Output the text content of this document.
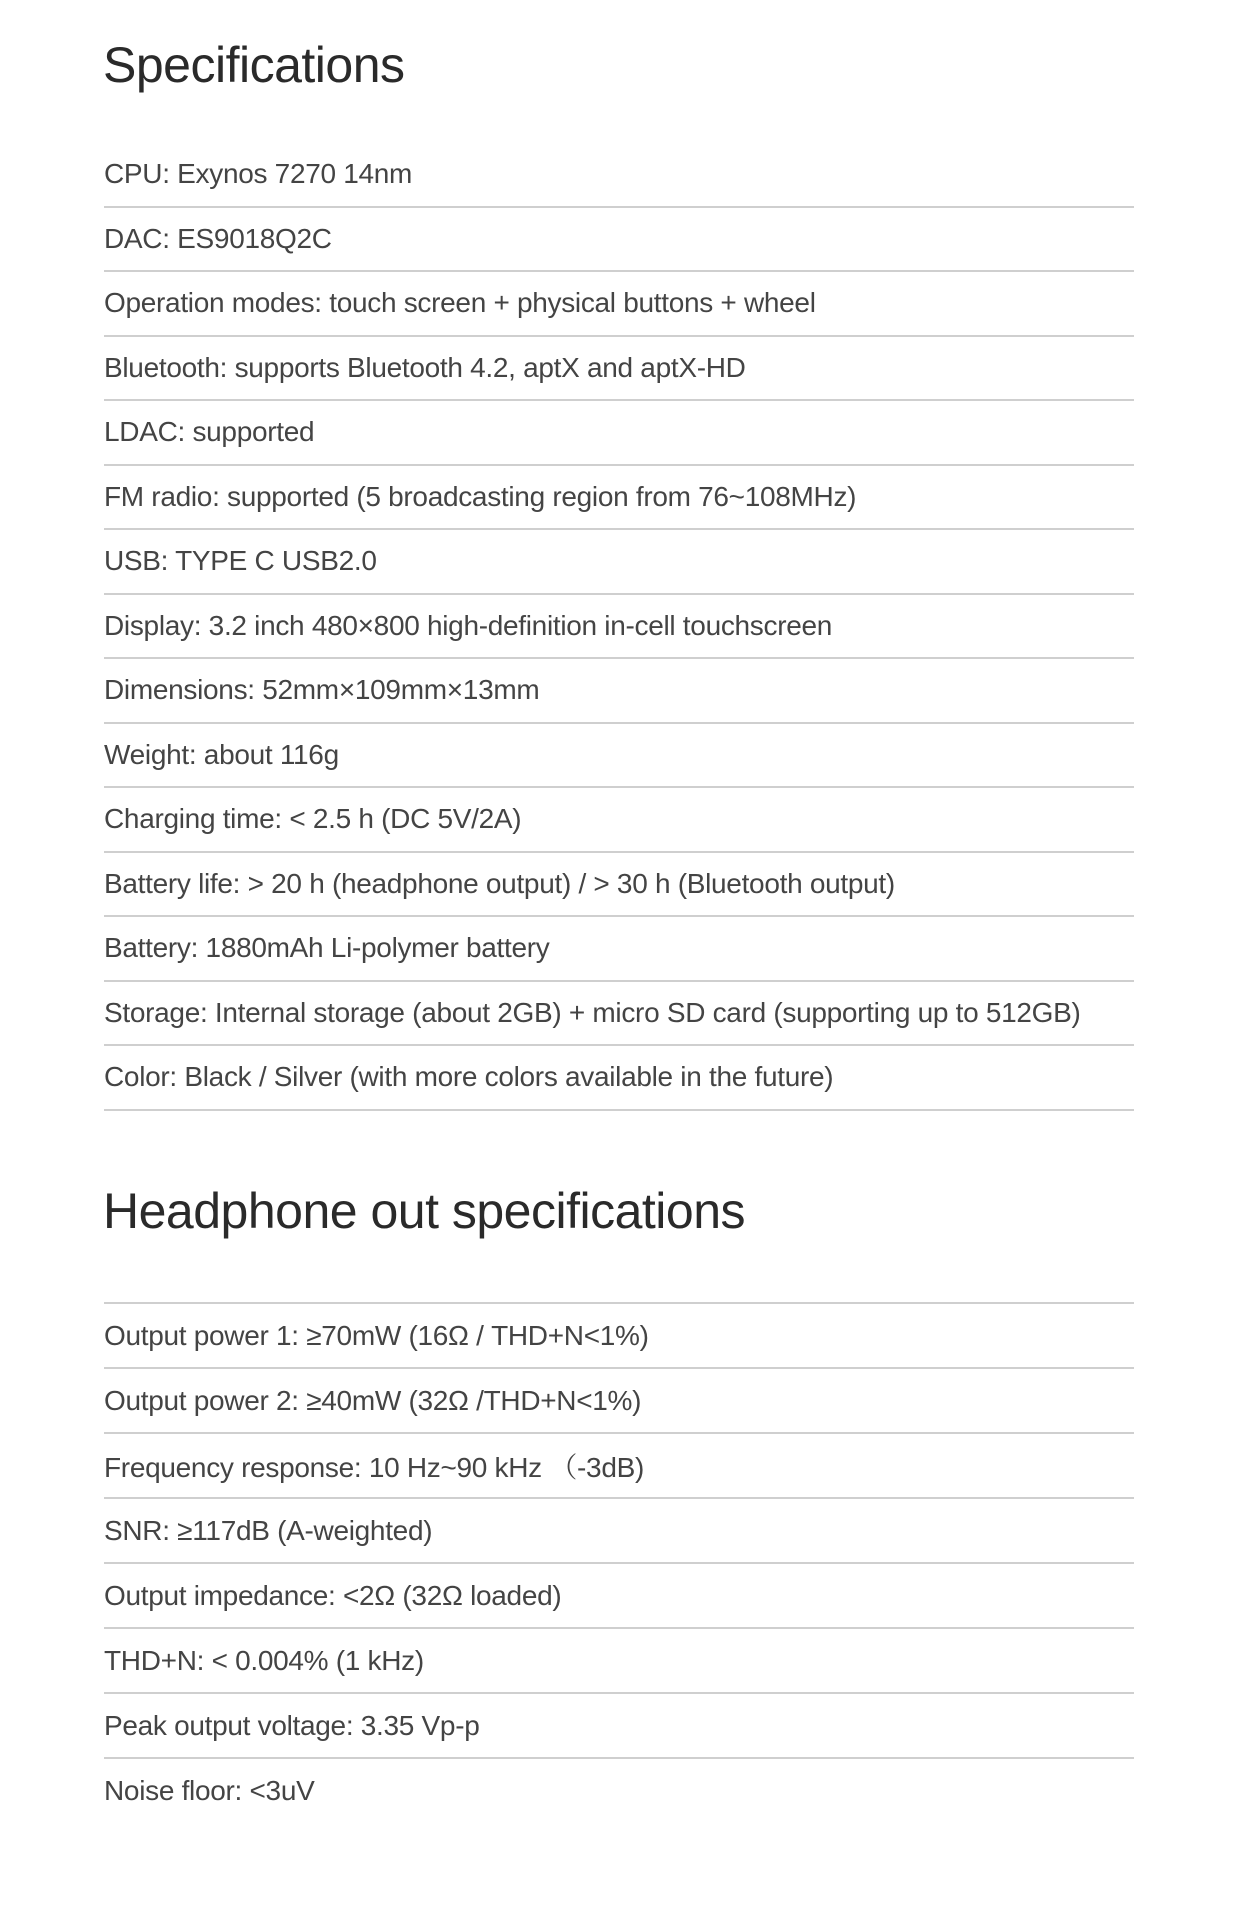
Specifications
CPU: Exynos 7270 14nm
DAC: ES9018Q2C
Operation modes: touch screen + physical buttons + wheel
Bluetooth: supports Bluetooth 4.2, aptX and aptX-HD
LDAC: supported
FM radio: supported (5 broadcasting region from 76~108MHz)
USB: TYPE C USB2.0
Display: 3.2 inch 480×800 high-definition in-cell touchscreen
Dimensions: 52mm×109mm×13mm
Weight: about 116g
Charging time: < 2.5 h (DC 5V/2A)
Battery life: > 20 h (headphone output) / > 30 h (Bluetooth output)
Battery: 1880mAh Li-polymer battery
Storage: Internal storage (about 2GB) + micro SD card (supporting up to 512GB)
Color: Black / Silver (with more colors available in the future)
Headphone out specifications
Output power 1: ≥70mW (16Ω / THD+N<1%)
Output power 2: ≥40mW (32Ω /THD+N<1%)
Frequency response: 10 Hz~90 kHz （-3dB)
SNR: ≥117dB (A-weighted)
Output impedance: <2Ω (32Ω loaded)
THD+N: < 0.004% (1 kHz)
Peak output voltage: 3.35 Vp-p
Noise floor: <3uV
